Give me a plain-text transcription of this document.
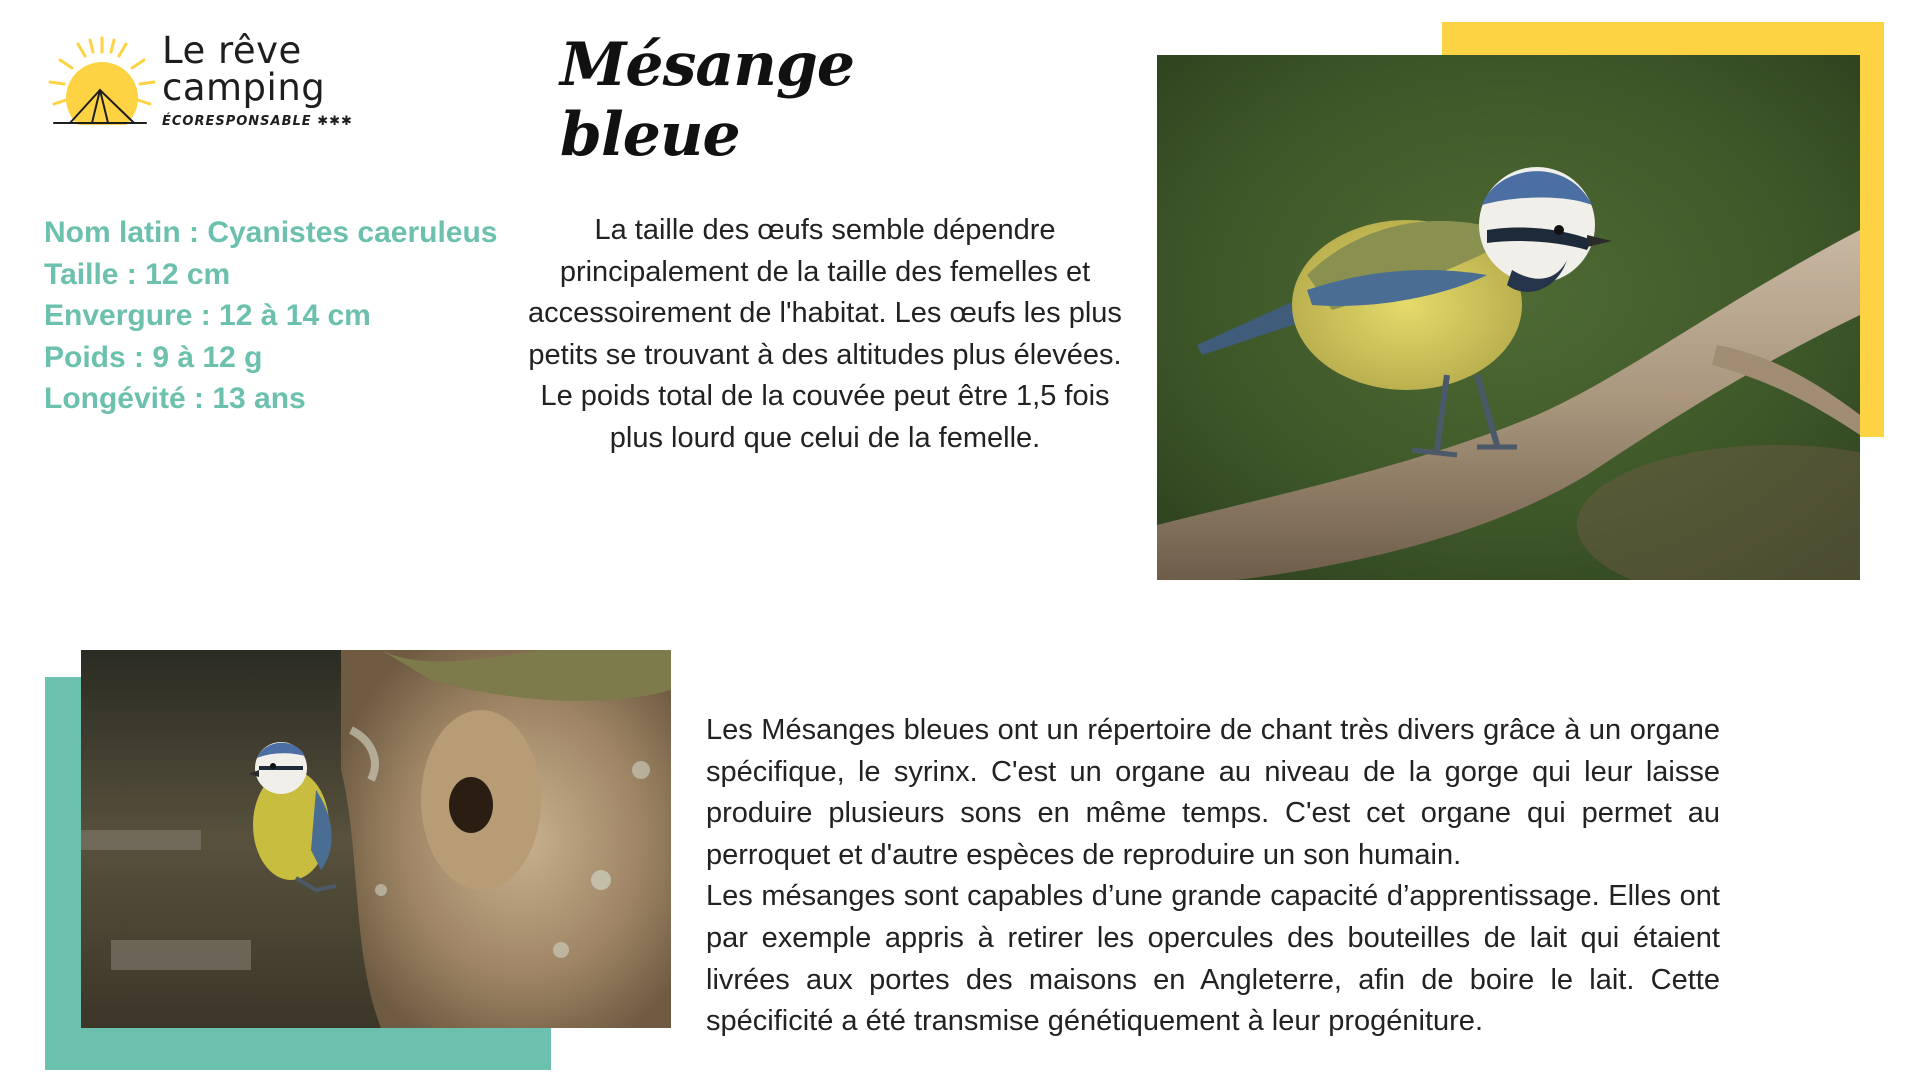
Le rêve
camping
ÉCORESPONSABLE ✱✱✱
Mésange bleue
Nom latin : Cyanistes caeruleus
Taille : 12 cm
Envergure : 12 à 14 cm
Poids : 9 à 12 g
Longévité : 13 ans
La taille des œufs semble dépendre principalement de la taille des femelles et accessoirement de l'habitat. Les œufs les plus petits se trouvant à des altitudes plus élevées. Le poids total de la couvée peut être 1,5 fois plus lourd que celui de la femelle.

Les Mésanges bleues ont un répertoire de chant très divers grâce à un organe spécifique, le syrinx. C'est un organe au niveau de la gorge qui leur laisse produire plusieurs sons en même temps. C'est cet organe qui permet au perroquet et d'autre espèces de reproduire un son humain.

Les mésanges sont capables d’une grande capacité d’apprentissage. Elles ont par exemple appris à retirer les opercules des bouteilles de lait qui étaient livrées aux portes des maisons en Angleterre, afin de boire le lait. Cette spécificité a été transmise génétiquement à leur progéniture.
